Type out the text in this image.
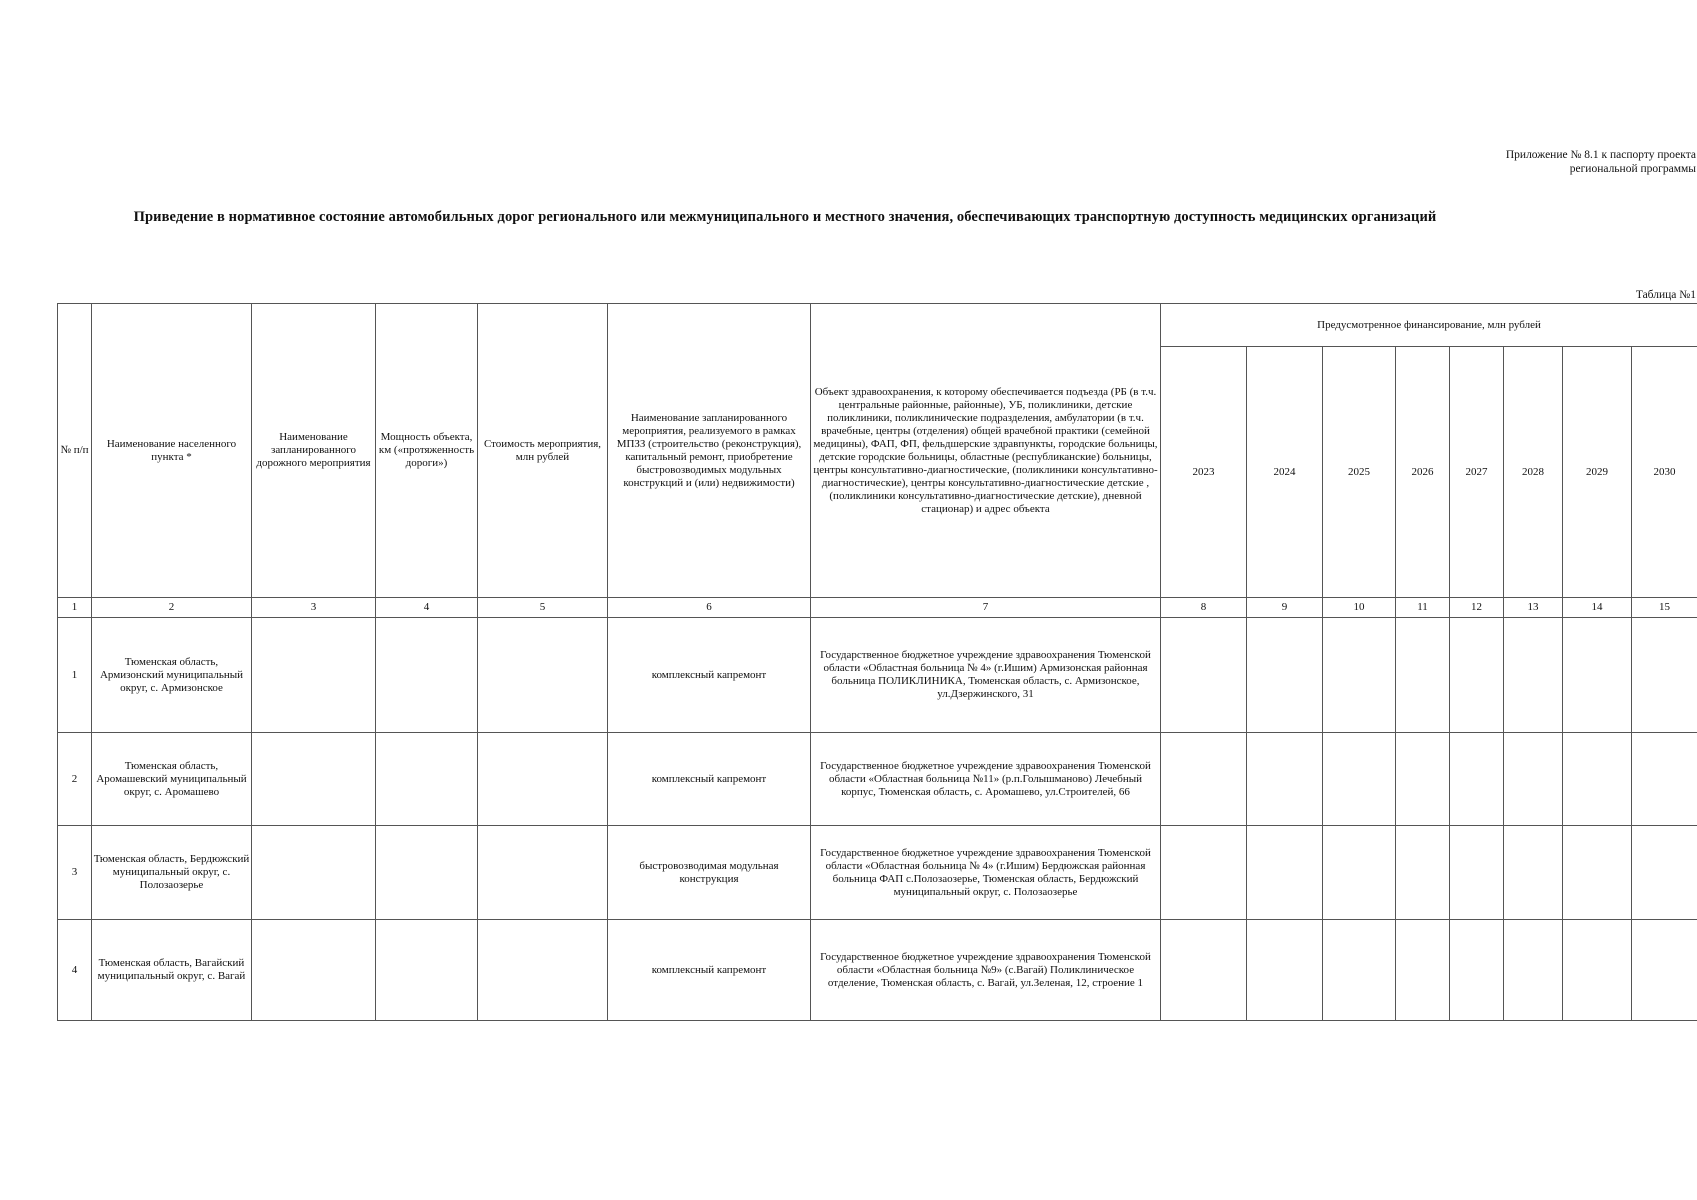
Приложение № 8.1 к паспорту проекта
региональной программы
Приведение в нормативное состояние автомобильных дорог регионального или межмуниципального и местного значения, обеспечивающих транспортную доступность медицинских организаций
Таблица №1
№ п/п	Наименование населенного пункта *	Наименование запланированного дорожного мероприятия	Мощность объекта, км («протяженность дороги»)	Стоимость мероприятия, млн рублей	Наименование запланированного мероприятия, реализуемого в рамках МПЗЗ (строительство (реконструкция), капитальный ремонт, приобретение быстровозводимых модульных конструкций и (или) недвижимости)	Объект здравоохранения, к которому обеспечивается подъезда (РБ (в т.ч. центральные районные, районные), УБ, поликлиники, детские поликлиники, поликлинические подразделения, амбулатории (в т.ч. врачебные, центры (отделения) общей врачебной практики (семейной медицины), ФАП, ФП, фельдшерские здравпункты, городские больницы, детские городские больницы, областные (республиканские) больницы, центры консультативно-диагностические, (поликлиники консультативно-диагностические), центры консультативно-диагностические детские , (поликлиники консультативно-диагностические детские), дневной стационар) и адрес объекта	Предусмотренное финансирование, млн рублей							
							2023	2024	2025	2026	2027	2028	2029	2030
1	2	3	4	5	6	7	8	9	10	11	12	13	14	15
1	Тюменская область, Армизонский муниципальный округ, с. Армизонское				комплексный капремонт	Государственное бюджетное учреждение здравоохранения Тюменской области «Областная больница № 4» (г.Ишим) Армизонская районная больница ПОЛИКЛИНИКА, Тюменская область, с. Армизонское, ул.Дзержинского, 31								
2	Тюменская область, Аромашевский муниципальный округ, с. Аромашево				комплексный капремонт	Государственное бюджетное учреждение здравоохранения Тюменской области «Областная больница №11» (р.п.Голышманово) Лечебный корпус, Тюменская область, с. Аромашево, ул.Строителей, 66								
3	Тюменская область, Бердюжский муниципальный округ, с. Полозаозерье				быстровозводимая модульная конструкция	Государственное бюджетное учреждение здравоохранения Тюменской области «Областная больница № 4» (г.Ишим) Бердюжская районная больница ФАП с.Полозаозерье, Тюменская область, Бердюжский муниципальный округ, с. Полозаозерье								
4	Тюменская область, Вагайский муниципальный округ, с. Вагай				комплексный капремонт	Государственное бюджетное учреждение здравоохранения Тюменской области «Областная больница №9» (с.Вагай) Поликлиническое отделение, Тюменская область, с. Вагай, ул.Зеленая, 12, строение 1								
